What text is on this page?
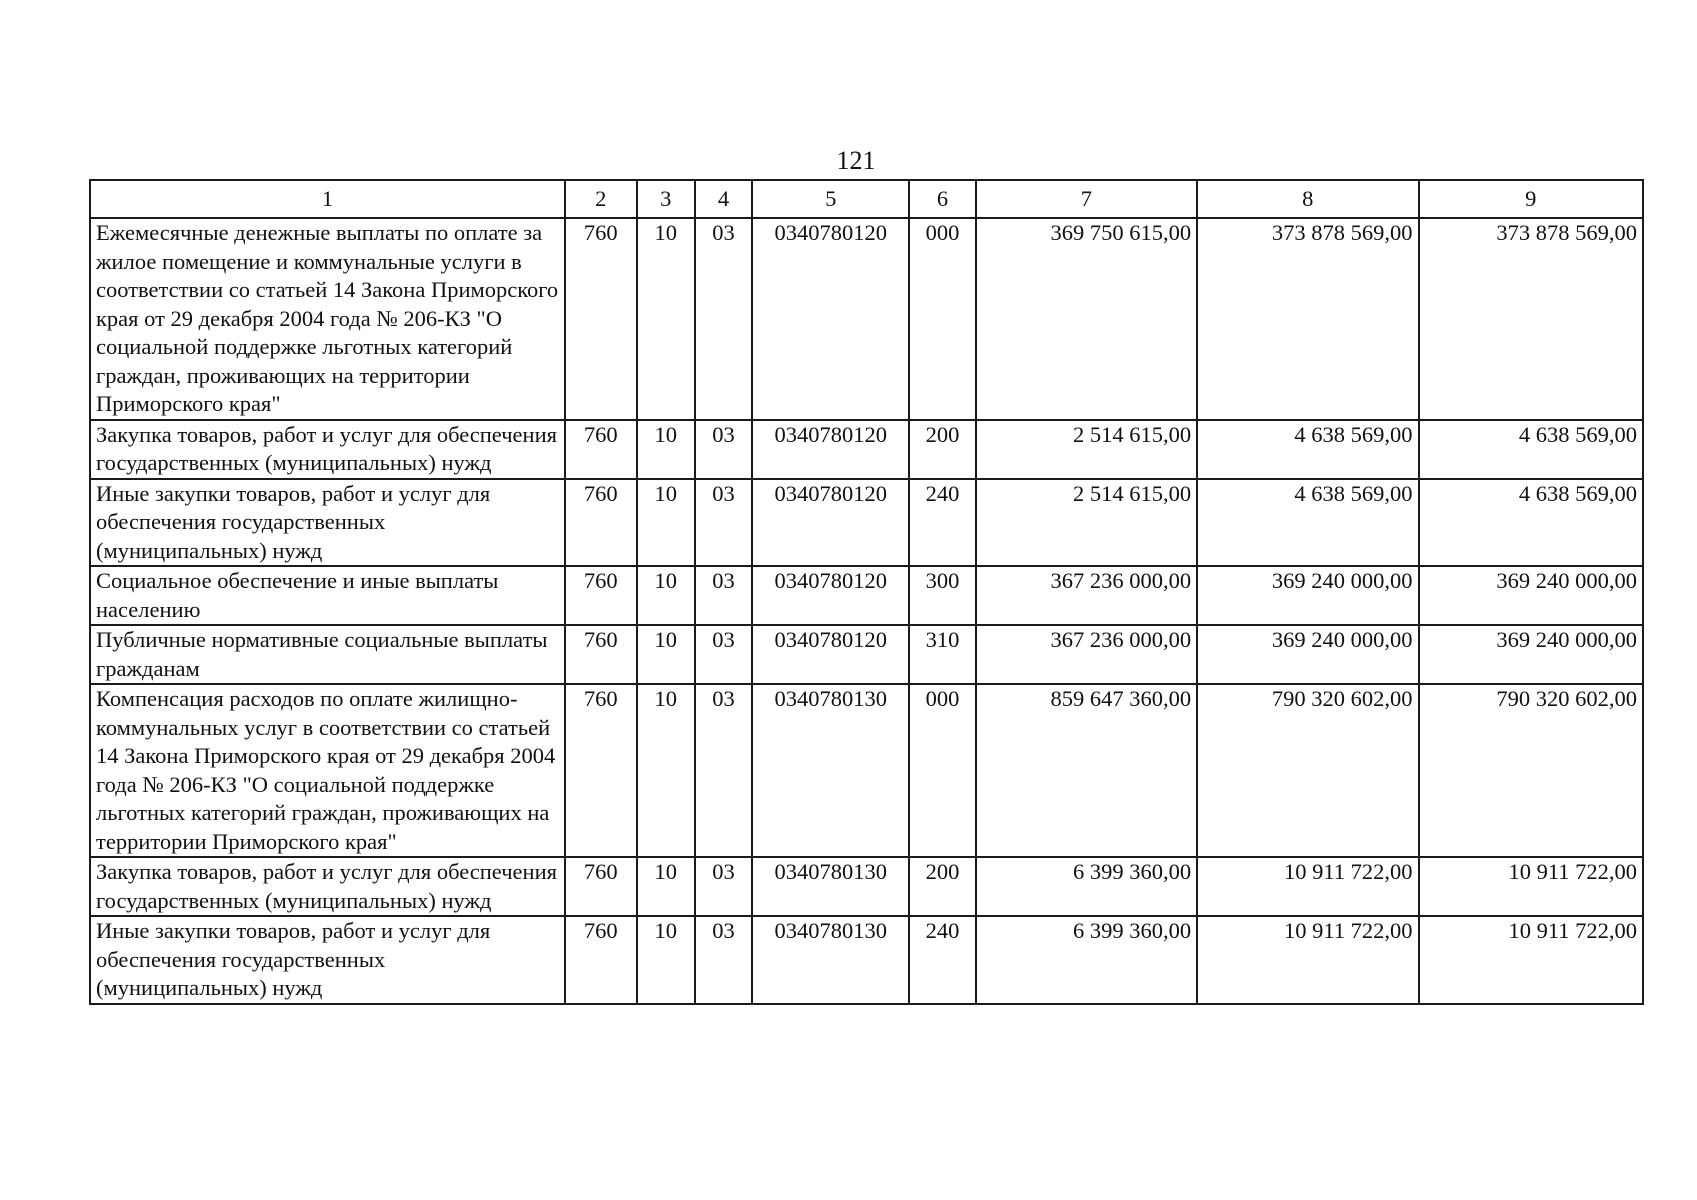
121
1	2	3	4	5	6	7	8	9
Ежемесячные денежные выплаты по оплате за жилое помещение и коммунальные услуги в соответствии со статьей 14 Закона Приморского края от 29 декабря 2004 года № 206-КЗ "О социальной поддержке льготных категорий граждан, проживающих на территории Приморского края"	760	10	03	0340780120	000	369 750 615,00	373 878 569,00	373 878 569,00
Закупка товаров, работ и услуг для обеспечения государственных (муниципальных) нужд	760	10	03	0340780120	200	2 514 615,00	4 638 569,00	4 638 569,00
Иные закупки товаров, работ и услуг для обеспечения государственных (муниципальных) нужд	760	10	03	0340780120	240	2 514 615,00	4 638 569,00	4 638 569,00
Социальное обеспечение и иные выплаты населению	760	10	03	0340780120	300	367 236 000,00	369 240 000,00	369 240 000,00
Публичные нормативные социальные выплаты гражданам	760	10	03	0340780120	310	367 236 000,00	369 240 000,00	369 240 000,00
Компенсация расходов по оплате жилищно-коммунальных услуг в соответствии со статьей 14 Закона Приморского края от 29 декабря 2004 года № 206-КЗ "О социальной поддержке льготных категорий граждан, проживающих на территории Приморского края"	760	10	03	0340780130	000	859 647 360,00	790 320 602,00	790 320 602,00
Закупка товаров, работ и услуг для обеспечения государственных (муниципальных) нужд	760	10	03	0340780130	200	6 399 360,00	10 911 722,00	10 911 722,00
Иные закупки товаров, работ и услуг для обеспечения государственных (муниципальных) нужд	760	10	03	0340780130	240	6 399 360,00	10 911 722,00	10 911 722,00
